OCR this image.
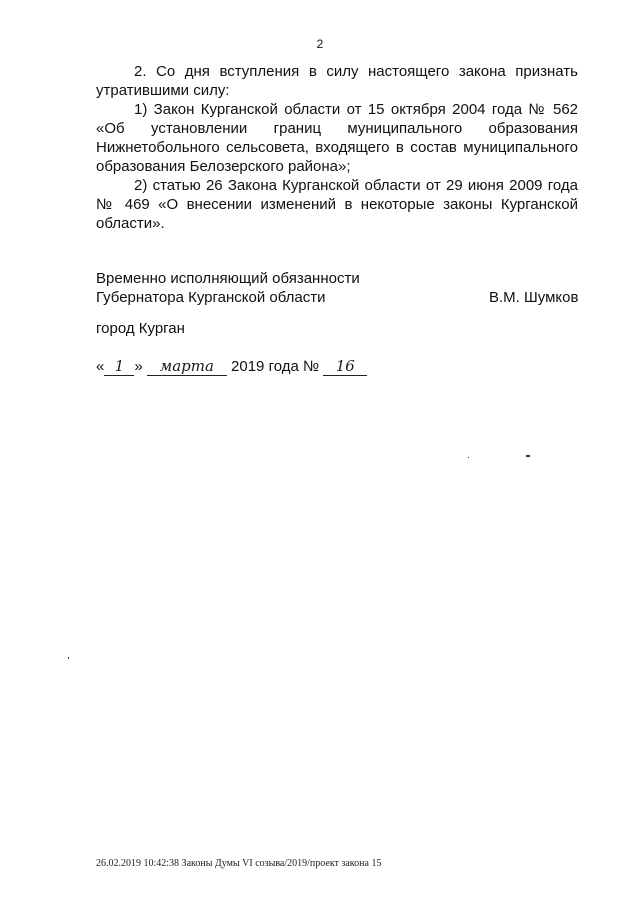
2
2. Со дня вступления в силу настоящего закона признать
утратившими силу:
1) Закон Курганской области от 15 октября 2004 года № 562
«Об установлении границ муниципального образования
Нижнетобольного сельсовета, входящего в состав муниципального
образования Белозерского района»;
2) статью 26 Закона Курганской области от 29 июня 2009 года
№ 469 «О внесении изменений в некоторые законы Курганской
области».
Временно исполняющий обязанности
Губернатора Курганской области	В.М. Шумков
город Курган
« 1 » марта 2019 года № 16
26.02.2019 10:42:38 Законы Думы VI созыва/2019/проект закона 15
